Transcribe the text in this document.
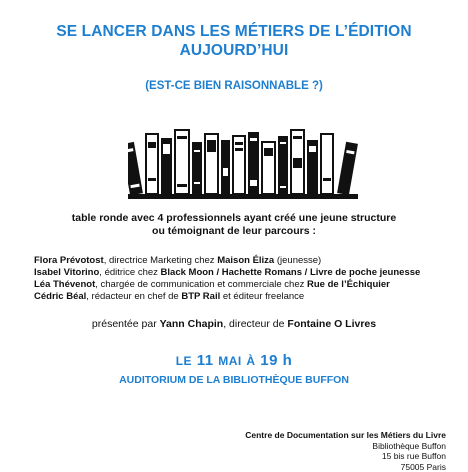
SE LANCER DANS LES MÉTIERS DE L’ÉDITION
AUJOURD’HUI
(EST-CE BIEN RAISONNABLE ?)
table ronde avec 4 professionnels ayant créé une jeune structure
ou témoignant de leur parcours :
Flora Prévotost, directrice Marketing chez Maison Éliza (jeunesse)
Isabel Vitorino, éditrice chez Black Moon / Hachette Romans / Livre de poche jeunesse
Léa Thévenot, chargée de communication et commerciale chez Rue de l’Échiquier
Cédric Béal, rédacteur en chef de BTP Rail et éditeur freelance
présentée par Yann Chapin, directeur de Fontaine O Livres
LE 11 MAI À 19 h
AUDITORIUM DE LA BIBLIOTHÈQUE BUFFON
Centre de Documentation sur les Métiers du Livre
Bibliothèque Buffon
15 bis rue Buffon
75005 Paris
